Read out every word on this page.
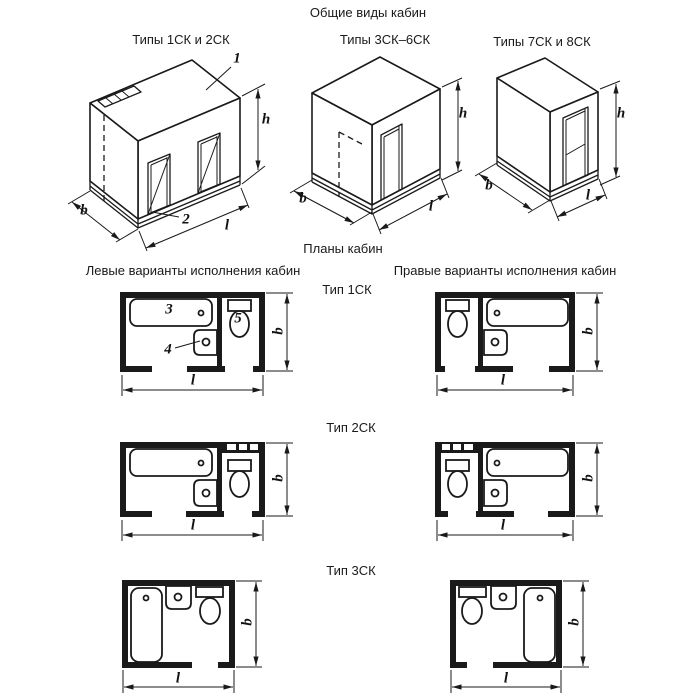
Общие виды кабин
Типы 1СК и 2СК	Типы 3СК–6СК	Типы 7СК и 8СК
Планы кабин
Левые варианты исполнения кабин	Правые варианты исполнения кабин
Тип 1СК
Тип 2СК
Тип 3СК
1
2
3
4
5
b
l
h
b	l
h
b
l
h
b
l
b
l
b
l
b
l
b
l
b
l
